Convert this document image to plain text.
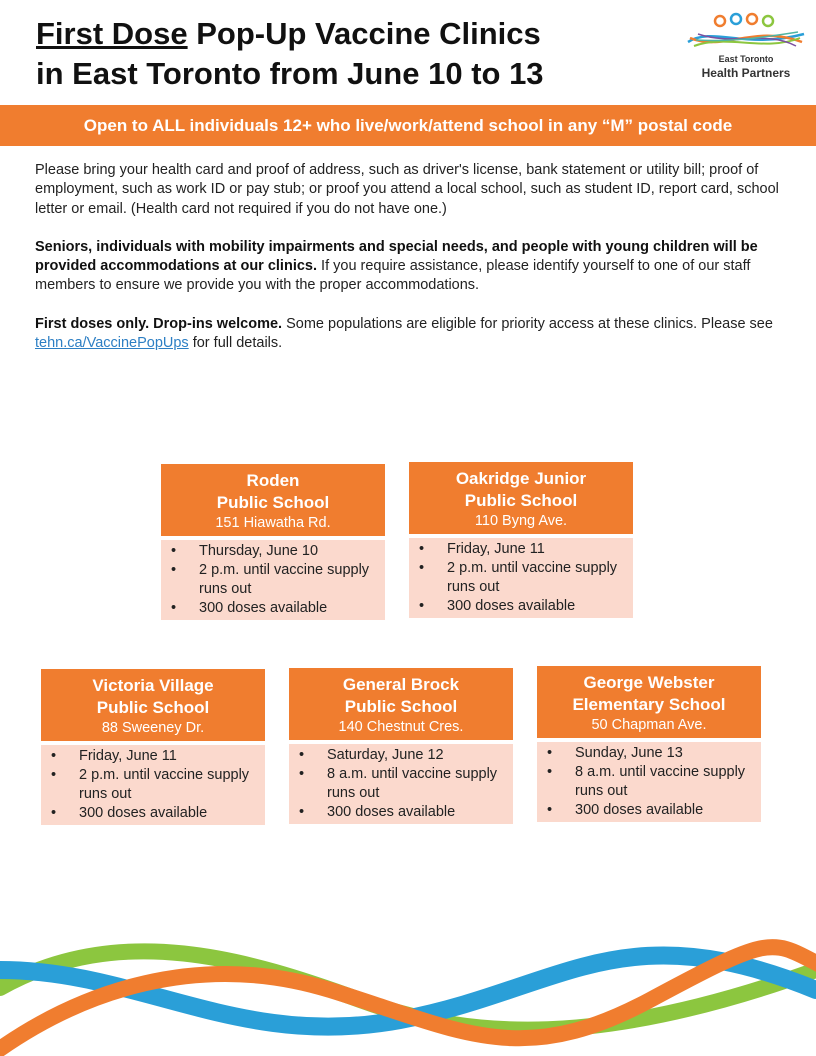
First Dose Pop-Up Vaccine Clinics
in East Toronto from June 10 to 13	East Toronto
Health Partners
Open to ALL individuals 12+ who live/work/attend school in any “M” postal code

Please bring your health card and proof of address, such as driver's license, bank statement or utility bill; proof of employment, such as work ID or pay stub; or proof you attend a local school, such as student ID, report card, school letter or email. (Health card not required if you do not have one.)

Seniors, individuals with mobility impairments and special needs, and people with young children will be provided accommodations at our clinics. If you require assistance, please identify yourself to one of our staff members to ensure we provide you with the proper accommodations.

First doses only. Drop-ins welcome. Some populations are eligible for priority access at these clinics. Please see tehn.ca/VaccinePopUps for full details.

Roden
Public School
151 Hiawatha Rd.
• Thursday, June 10
• 2 p.m. until vaccine supply runs out
• 300 doses available
Oakridge Junior
Public School
110 Byng Ave.
• Friday, June 11
• 2 p.m. until vaccine supply runs out
• 300 doses available
Victoria Village
Public School
88 Sweeney Dr.
• Friday, June 11
• 2 p.m. until vaccine supply runs out
• 300 doses available
General Brock
Public School
140 Chestnut Cres.
• Saturday, June 12
• 8 a.m. until vaccine supply runs out
• 300 doses available
George Webster
Elementary School
50 Chapman Ave.
• Sunday, June 13
• 8 a.m. until vaccine supply runs out
• 300 doses available
